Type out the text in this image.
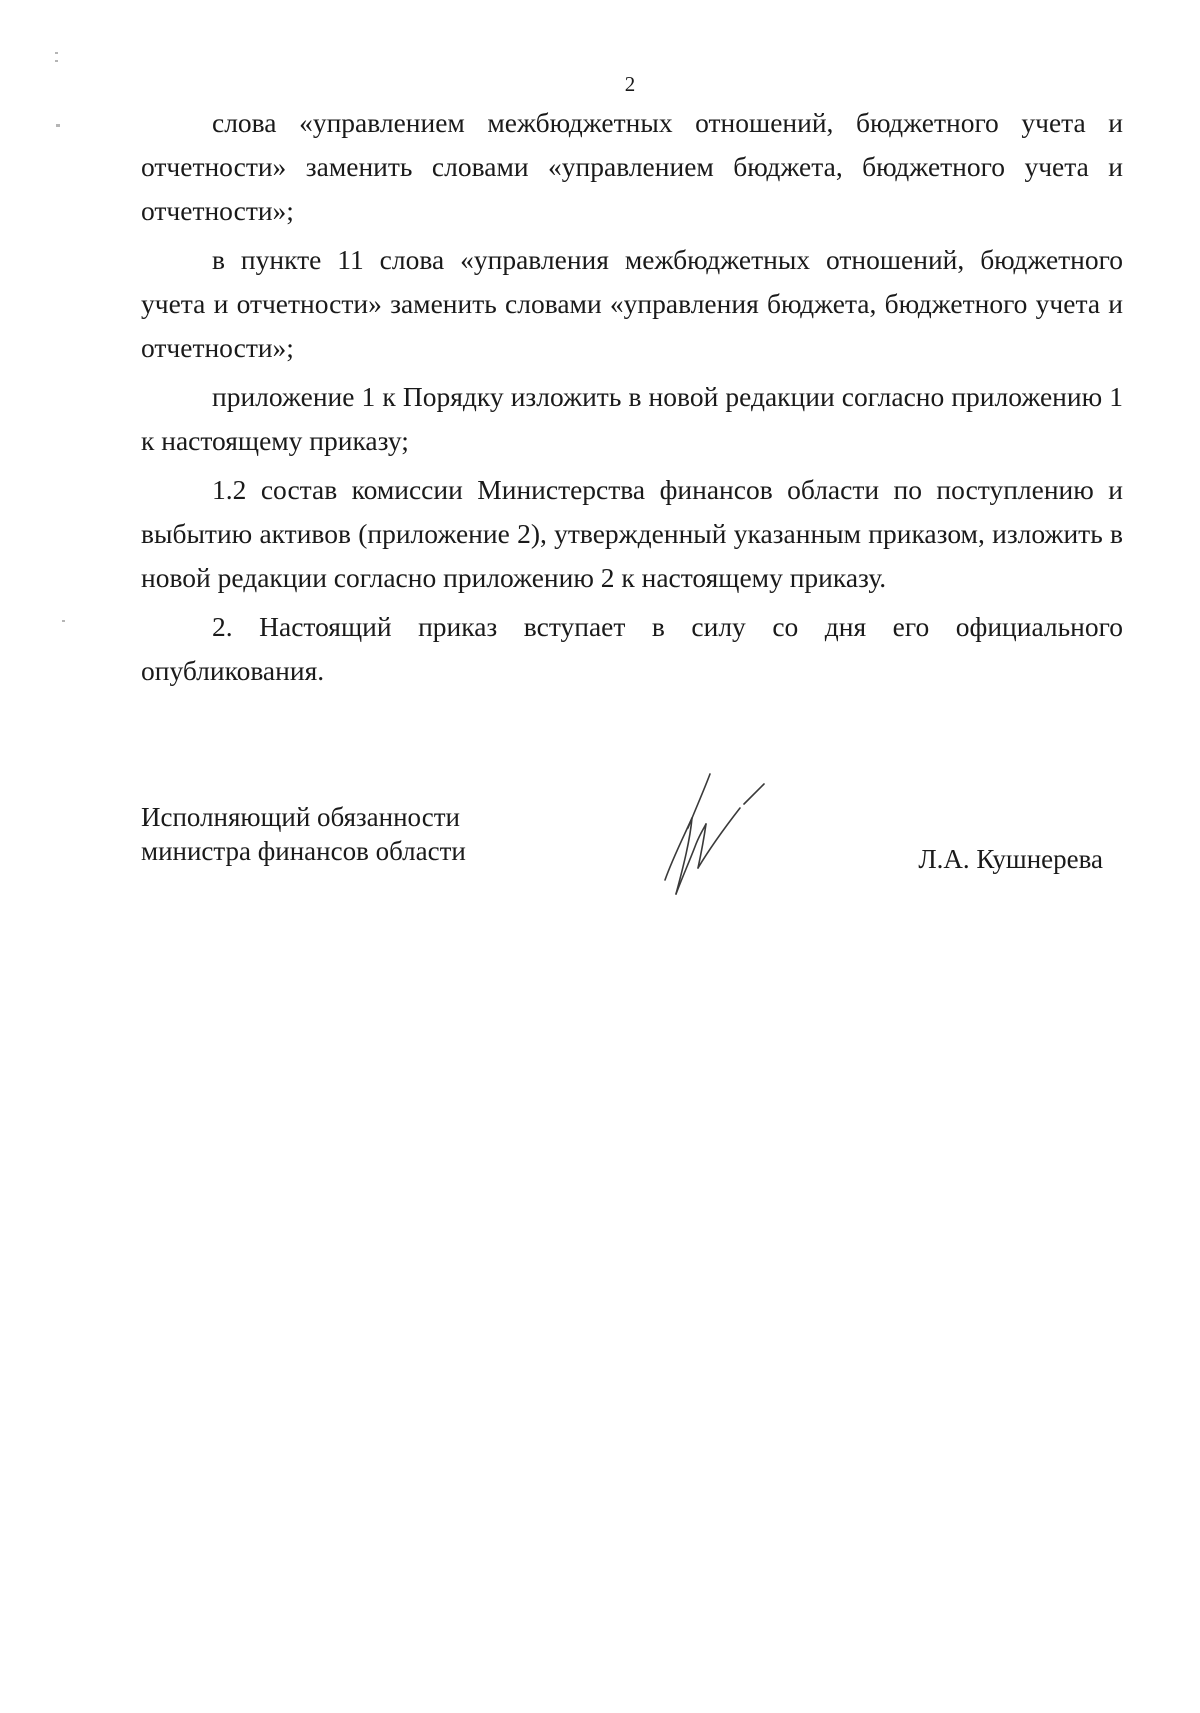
2

слова «управлением межбюджетных отношений, бюджетного учета и отчетности» заменить словами «управлением бюджета, бюджетного учета и отчетности»;

в пункте 11 слова «управления межбюджетных отношений, бюджетного учета и отчетности» заменить словами «управления бюджета, бюджетного учета и отчетности»;

приложение 1 к Порядку изложить в новой редакции согласно приложению 1 к настоящему приказу;

1.2 состав комиссии Министерства финансов области по поступлению и выбытию активов (приложение 2), утвержденный указанным приказом, изложить в новой редакции согласно приложению 2 к настоящему приказу.

2. Настоящий приказ вступает в силу со дня его официального опубликования.

Исполняющий обязанности
министра финансов области	Л.А. Кушнерева
